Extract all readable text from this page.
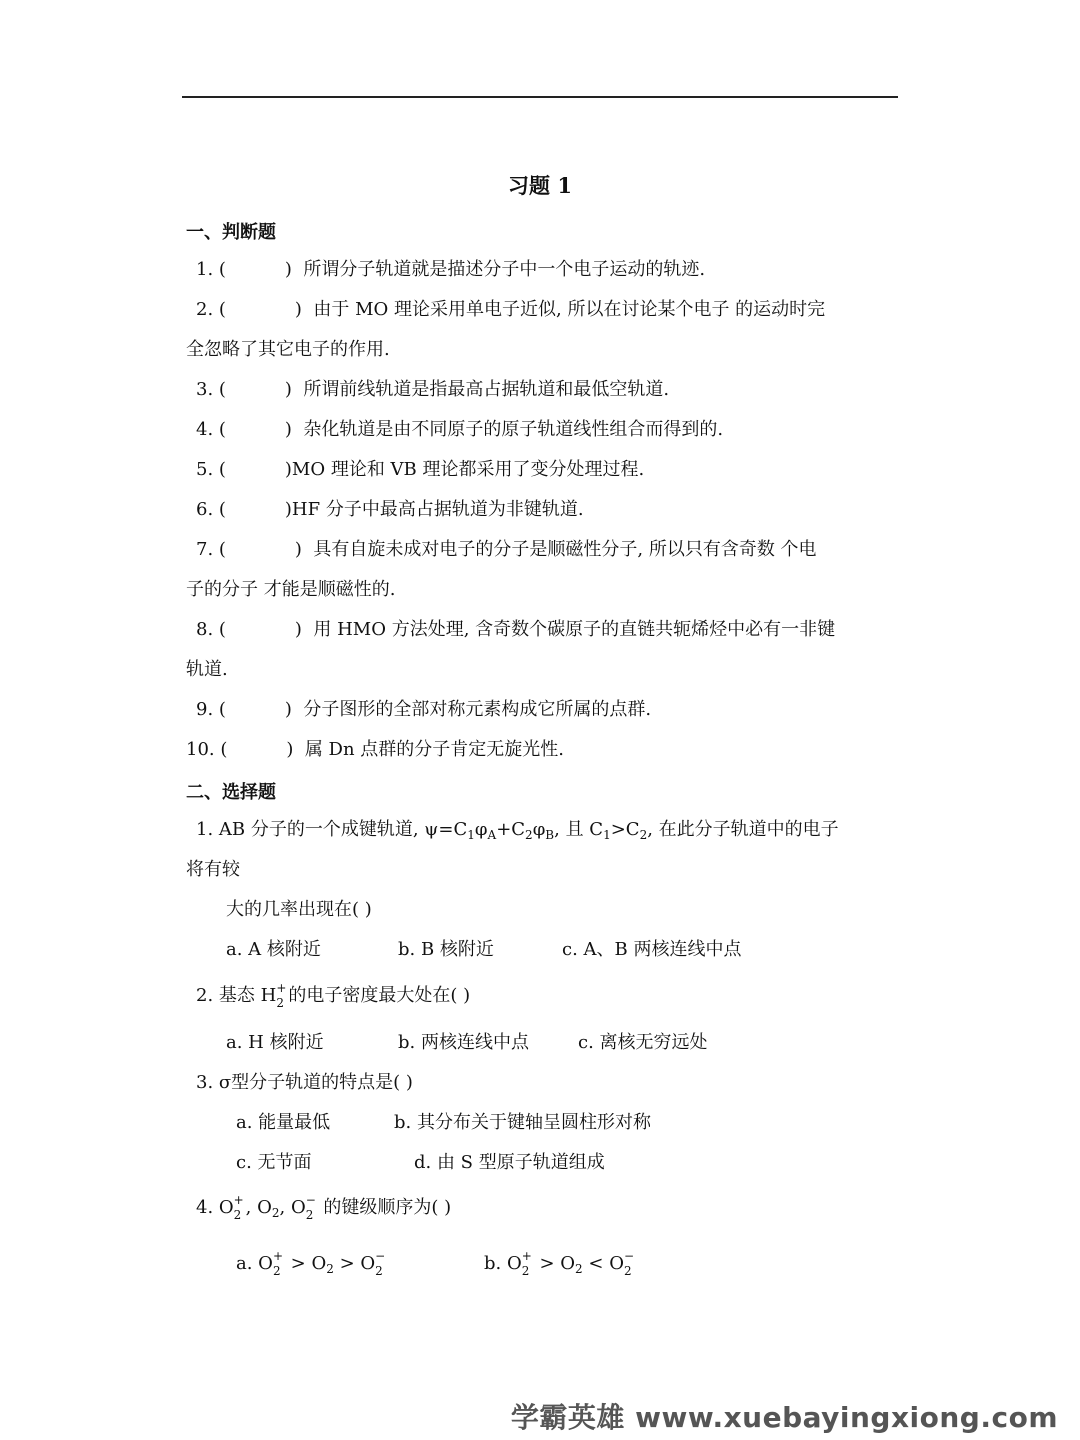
习题 1
一、判断题
1. (	) 所谓分子轨道就是描述分子中一个电子运动的轨迹.
2. (	) 由于 MO 理论采用单电子近似, 所以在讨论某个电子 的运动时完
全忽略了其它电子的作用.
3. (	) 所谓前线轨道是指最高占据轨道和最低空轨道.
4. (	) 杂化轨道是由不同原子的原子轨道线性组合而得到的.
5. (	)MO 理论和 VB 理论都采用了变分处理过程.
6. (	)HF 分子中最高占据轨道为非键轨道.
7. (	) 具有自旋未成对电子的分子是顺磁性分子, 所以只有含奇数 个电
子的分子 才能是顺磁性的.
8. (	) 用 HMO 方法处理, 含奇数个碳原子的直链共轭烯烃中必有一非键
轨道.
9. (	) 分子图形的全部对称元素构成它所属的点群.
10. (	) 属 Dn 点群的分子肯定无旋光性.
二、选择题
1. AB 分子的一个成键轨道, $\psi=C_1\varphi_A+C_2\varphi_B$, 且 $C_1>C_2$, 在此分子轨道中的电子
将有较
大的几率出现在( )
a. A 核附近	b. B 核附近	c. A、B 两核连线中点
2. 基态 H +
2 的电子密度最大处在( )
a. H 核附近	b. 两核连线中点	c. 离核无穷远处
3. σ型分子轨道的特点是( )
a. 能量最低	b. 其分布关于键轴呈圆柱形对称
c. 无节面	d. 由 S 型原子轨道组成
4. O +
2 , $O_2$, O −
2 的键级顺序为( )
a. O +
$2 > O_2 > O$ −
2	b. O +
$2 > O_2 < O$ −
2
学霸英雄 www.xuebayingxiong.com
